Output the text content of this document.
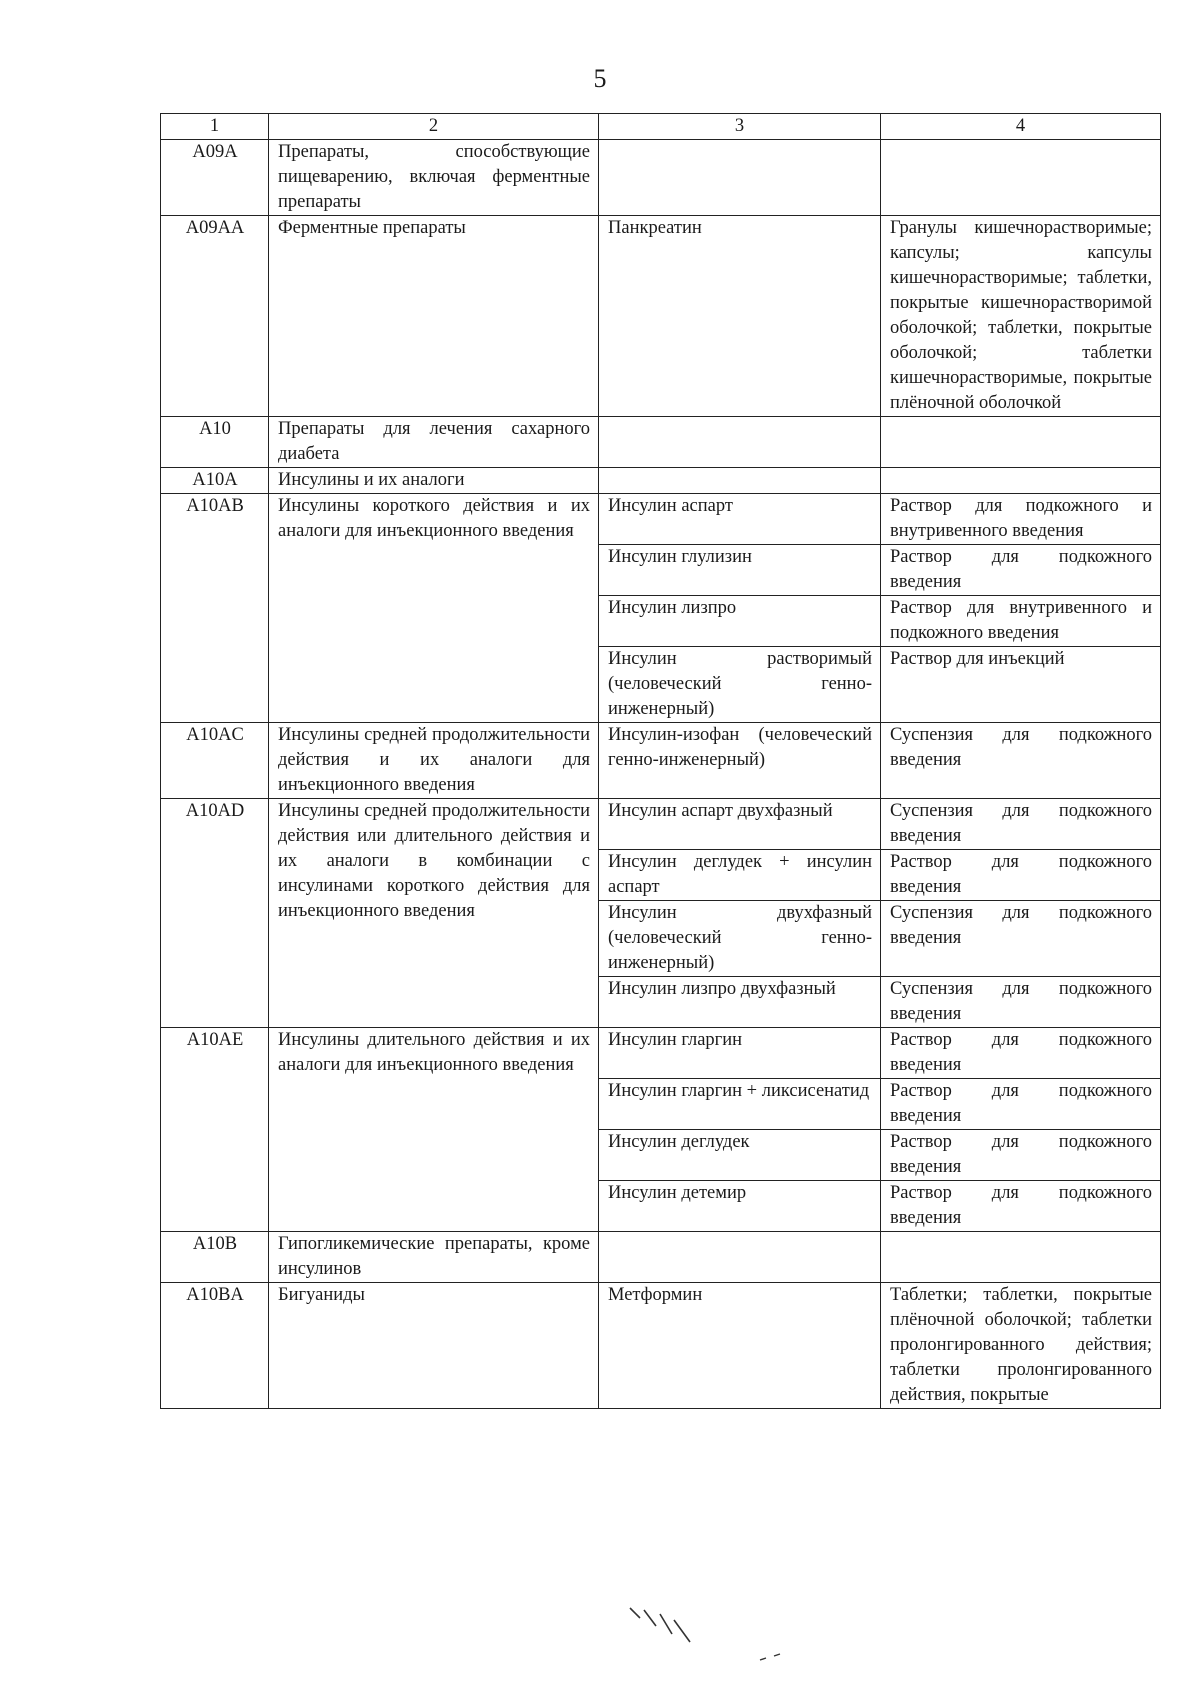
5
1	2	3	4
A09A	Препараты, способствующие пищеварению, включая ферментные препараты		
A09AA	Ферментные препараты	Панкреатин	Гранулы кишечнорастворимые; капсулы; капсулы кишечнорастворимые; таблетки, покрытые кишечнорастворимой оболочкой; таблетки, покрытые оболочкой; таблетки кишечнорастворимые, покрытые плёночной оболочкой
A10	Препараты для лечения сахарного диабета		
A10A	Инсулины и их аналоги		
A10AB	Инсулины короткого действия и их аналоги для инъекционного введения	Инсулин аспарт	Раствор для подкожного и внутривенного введения
		Инсулин глулизин	Раствор для подкожного введения
		Инсулин лизпро	Раствор для внутривенного и подкожного введения
		Инсулин растворимый (человеческий генно-инженерный)	Раствор для инъекций
A10AC	Инсулины средней продолжительности действия и их аналоги для инъекционного введения	Инсулин-изофан (человеческий генно-инженерный)	Суспензия для подкожного введения
A10AD	Инсулины средней продолжительности действия или длительного действия и их аналоги в комбинации с инсулинами короткого действия для инъекционного введения	Инсулин аспарт двухфазный	Суспензия для подкожного введения
		Инсулин деглудек + инсулин аспарт	Раствор для подкожного введения
		Инсулин двухфазный (человеческий генно-инженерный)	Суспензия для подкожного введения
		Инсулин лизпро двухфазный	Суспензия для подкожного введения
A10AE	Инсулины длительного действия и их аналоги для инъекционного введения	Инсулин гларгин	Раствор для подкожного введения
		Инсулин гларгин + ликсисенатид	Раствор для подкожного введения
		Инсулин деглудек	Раствор для подкожного введения
		Инсулин детемир	Раствор для подкожного введения
A10B	Гипогликемические препараты, кроме инсулинов		
A10BA	Бигуаниды	Метформин	Таблетки; таблетки, покрытые плёночной оболочкой; таблетки пролонгированного действия; таблетки пролонгированного действия, покрытые
